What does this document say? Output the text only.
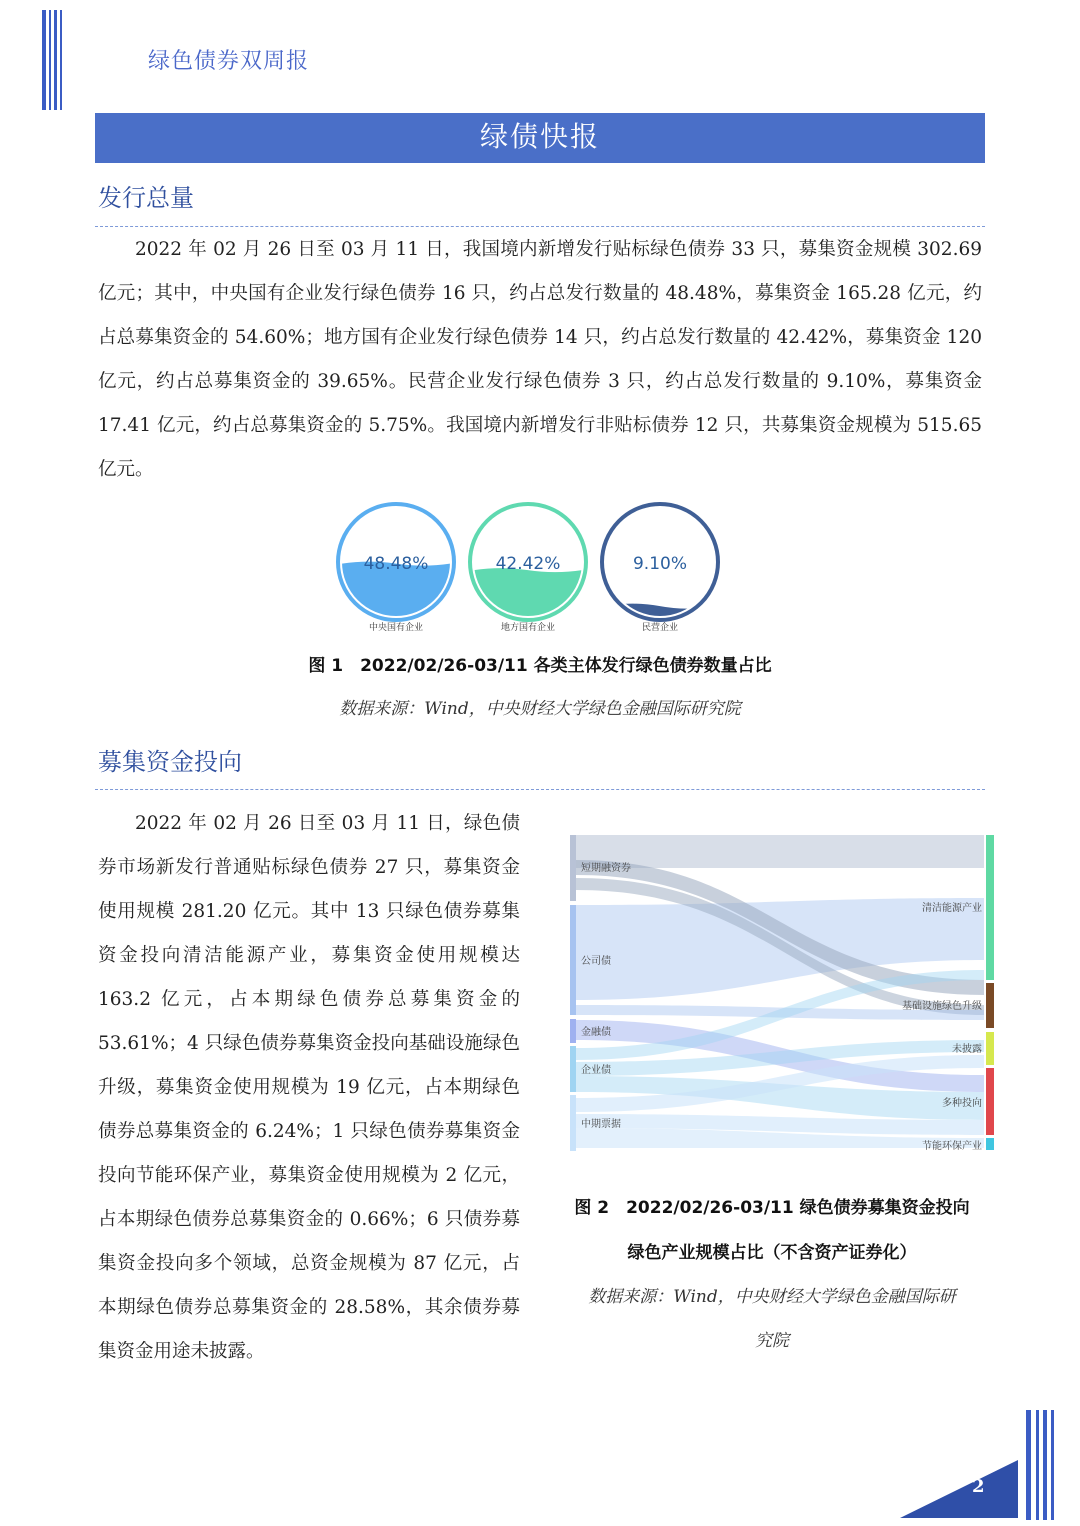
绿色债券双周报
绿债快报
发行总量

2022 年 02 月 26 日至 03 月 11 日，我国境内新增发行贴标绿色债券 33 只，募集资金规模 302.69 亿元；其中，中央国有企业发行绿色债券 16 只，约占总发行数量的 48.48%，募集资金 165.28 亿元，约占总募集资金的 54.60%；地方国有企业发行绿色债券 14 只，约占总发行数量的 42.42%，募集资金 120 亿元，约占总募集资金的 39.65%。民营企业发行绿色债券 3 只，约占总发行数量的 9.10%，募集资金 17.41 亿元，约占总募集资金的 5.75%。我国境内新增发行非贴标债券 12 只，共募集资金规模为 515.65 亿元。

48.48%
中央国有企业
42.42%
地方国有企业
9.10%
民营企业
图 1　2022/02/26-03/11 各类主体发行绿色债券数量占比
数据来源：Wind，中央财经大学绿色金融国际研究院
募集资金投向

2022 年 02 月 26 日至 03 月 11 日，绿色债券市场新发行普通贴标绿色债券 27 只，募集资金使用规模 281.20 亿元。其中 13 只绿色债券募集资金投向清洁能源产业，募集资金使用规模达 163.2 亿元，占本期绿色债券总募集资金的 53.61%；4 只绿色债券募集资金投向基础设施绿色升级，募集资金使用规模为 19 亿元，占本期绿色债券总募集资金的 6.24%；1 只绿色债券募集资金投向节能环保产业，募集资金使用规模为 2 亿元，占本期绿色债券总募集资金的 0.66%；6 只债券募集资金投向多个领域，总资金规模为 87 亿元，占本期绿色债券总募集资金的 28.58%，其余债券募集资金用途未披露。

短期融资券
公司债
金融债
企业债
中期票据
清洁能源产业
基础设施绿色升级
未披露
多种投向
节能环保产业
图 2　2022/02/26-03/11 绿色债券募集资金投向
绿色产业规模占比（不含资产证券化）
数据来源：Wind，中央财经大学绿色金融国际研
究院
2
